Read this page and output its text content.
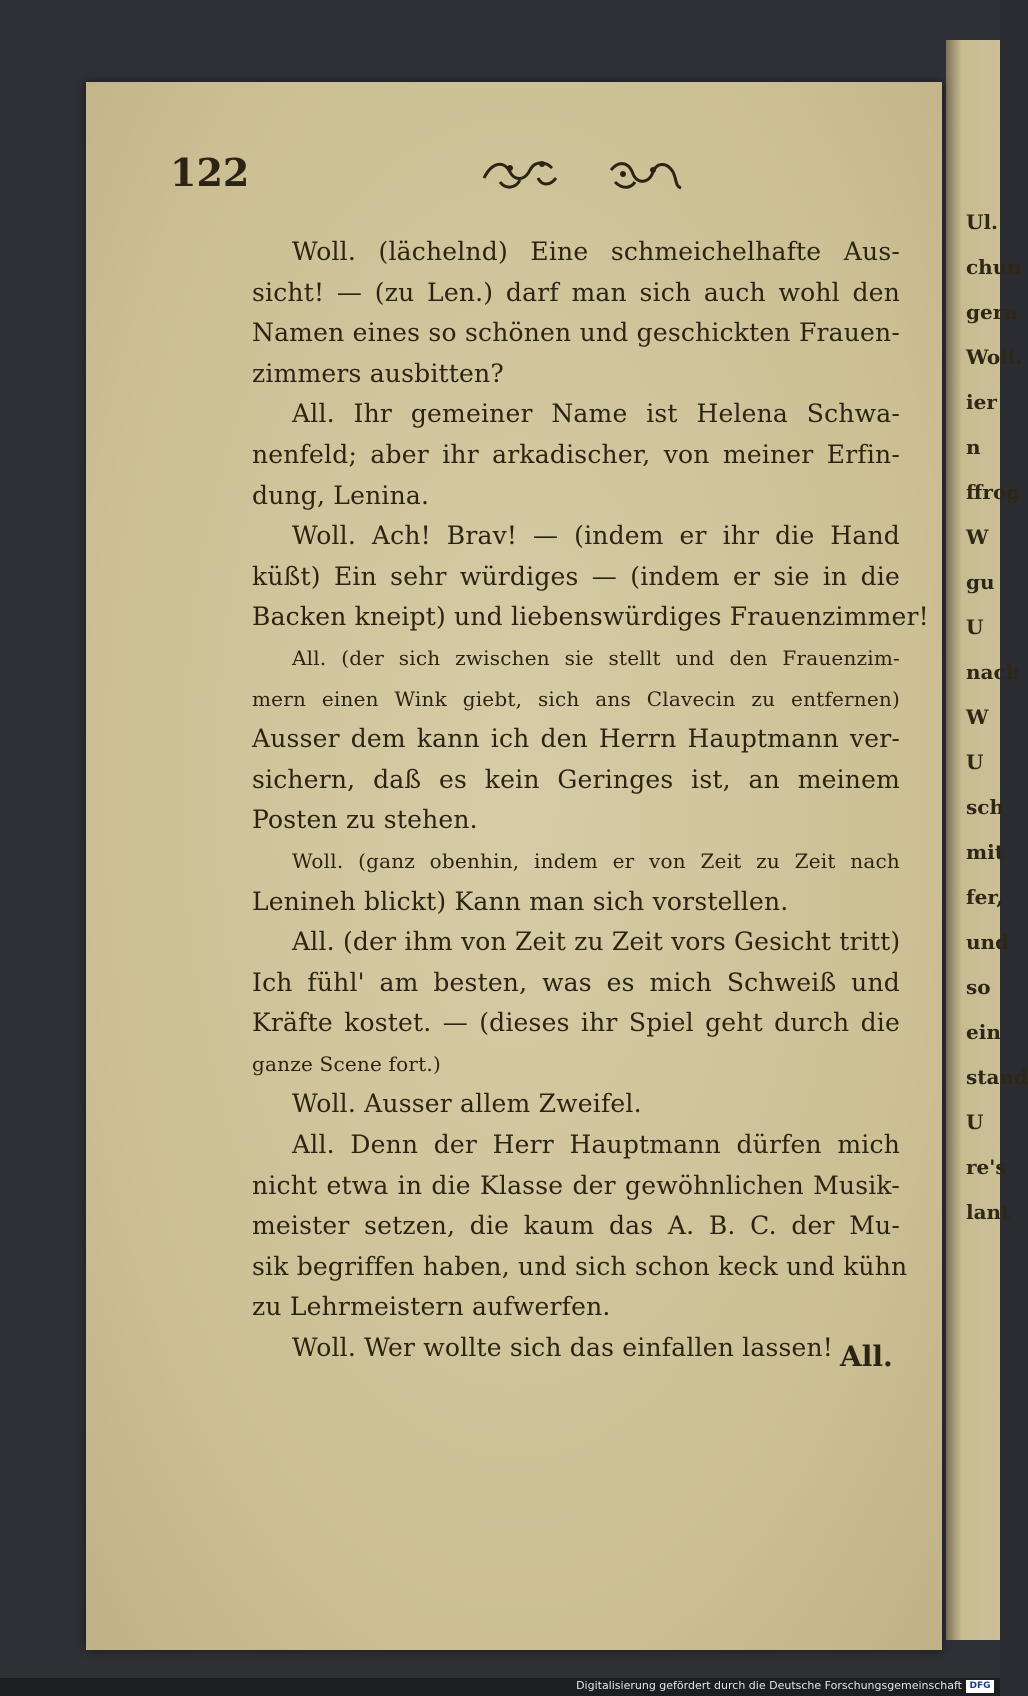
Ul.
chun
gern
Woll.
ier
n
ffrog
W
gu
U
nach
W
U
sch
mit
fer,
und
so
ein
stand
U
re's
lant
122
Woll. (lächelnd) Eine schmeichelhafte Aus-
sicht! — (zu Len.) darf man sich auch wohl den
Namen eines so schönen und geschickten Frauen-
zimmers ausbitten?
All. Ihr gemeiner Name ist Helena Schwa-
nenfeld; aber ihr arkadischer, von meiner Erfin-
dung, Lenina.
Woll. Ach! Brav! — (indem er ihr die Hand
küßt) Ein sehr würdiges — (indem er sie in die
Backen kneipt) und liebenswürdiges Frauenzimmer!
All. (der sich zwischen sie stellt und den Frauenzim-
mern einen Wink giebt, sich ans Clavecin zu entfernen)
Ausser dem kann ich den Herrn Hauptmann ver-
sichern, daß es kein Geringes ist, an meinem
Posten zu stehen.
Woll. (ganz obenhin, indem er von Zeit zu Zeit nach
Lenineh blickt) Kann man sich vorstellen.
All. (der ihm von Zeit zu Zeit vors Gesicht tritt)
Ich fühl' am besten, was es mich Schweiß und
Kräfte kostet. — (dieses ihr Spiel geht durch die
ganze Scene fort.)
Woll. Ausser allem Zweifel.
All. Denn der Herr Hauptmann dürfen mich
nicht etwa in die Klasse der gewöhnlichen Musik-
meister setzen, die kaum das A. B. C. der Mu-
sik begriffen haben, und sich schon keck und kühn
zu Lehrmeistern aufwerfen.
Woll. Wer wollte sich das einfallen lassen! All.
Digitalisierung gefördert durch die Deutsche Forschungsgemeinschaft DFG
